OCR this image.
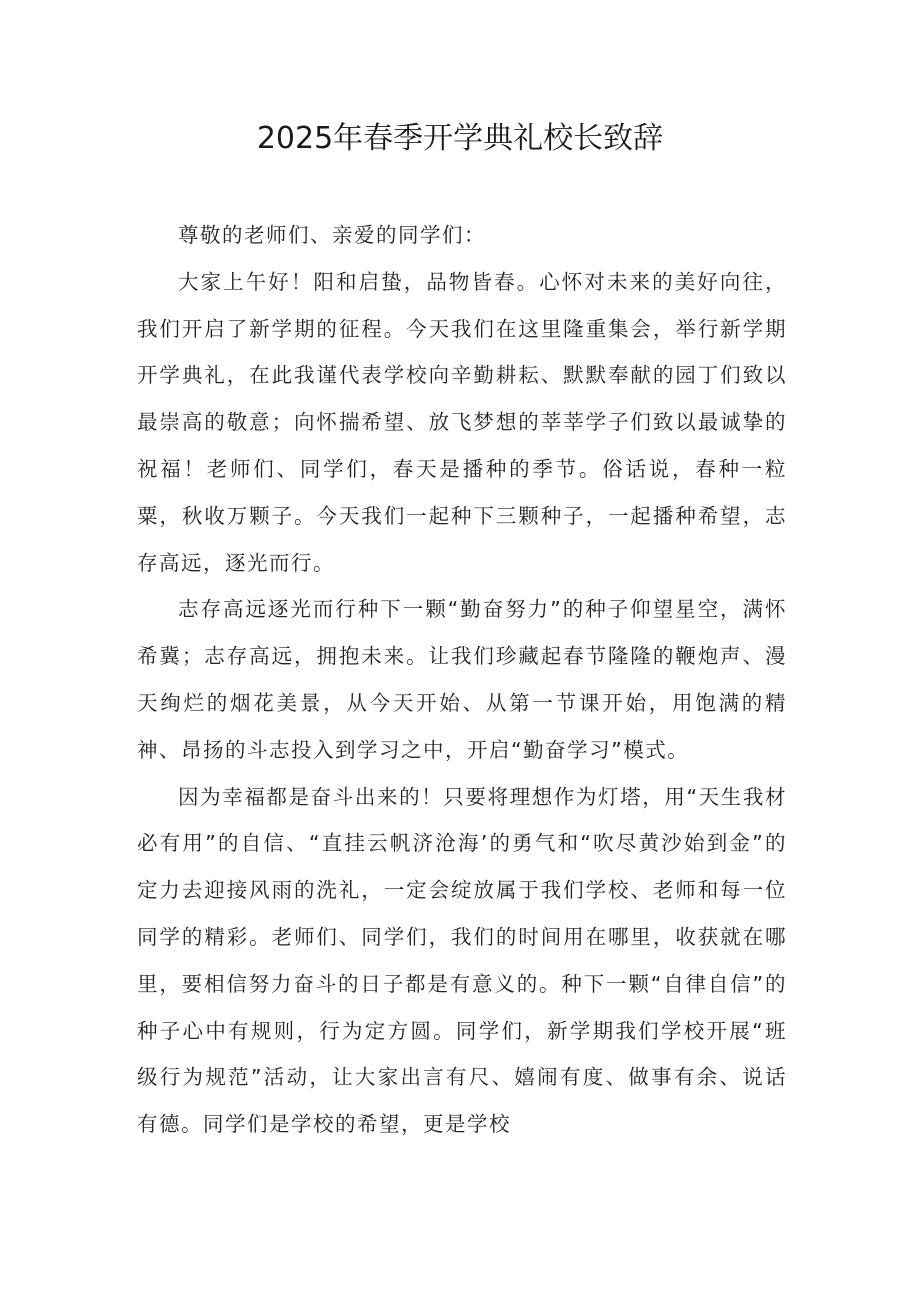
2025年春季开学典礼校长致辞

尊敬的老师们、亲爱的同学们：

大家上午好！阳和启蛰，品物皆春。心怀对未来的美好向往，我们开启了新学期的征程。今天我们在这里隆重集会，举行新学期开学典礼，在此我谨代表学校向辛勤耕耘、默默奉献的园丁们致以最崇高的敬意；向怀揣希望、放飞梦想的莘莘学子们致以最诚挚的祝福！老师们、同学们，春天是播种的季节。俗话说，春种一粒粟，秋收万颗子。今天我们一起种下三颗种子，一起播种希望，志存高远，逐光而行。

志存高远逐光而行种下一颗“勤奋努力”的种子仰望星空，满怀希冀；志存高远，拥抱未来。让我们珍藏起春节隆隆的鞭炮声、漫天绚烂的烟花美景，从今天开始、从第一节课开始，用饱满的精神、昂扬的斗志投入到学习之中，开启“勤奋学习”模式。

因为幸福都是奋斗出来的！只要将理想作为灯塔，用“天生我材必有用”的自信、“直挂云帆济沧海’的勇气和“吹尽黄沙始到金”的定力去迎接风雨的洗礼，一定会绽放属于我们学校、老师和每一位同学的精彩。老师们、同学们，我们的时间用在哪里，收获就在哪里，要相信努力奋斗的日子都是有意义的。种下一颗“自律自信”的种子心中有规则，行为定方圆。同学们，新学期我们学校开展“班级行为规范”活动，让大家出言有尺、嬉闹有度、做事有余、说话有德。同学们是学校的希望，更是学校
